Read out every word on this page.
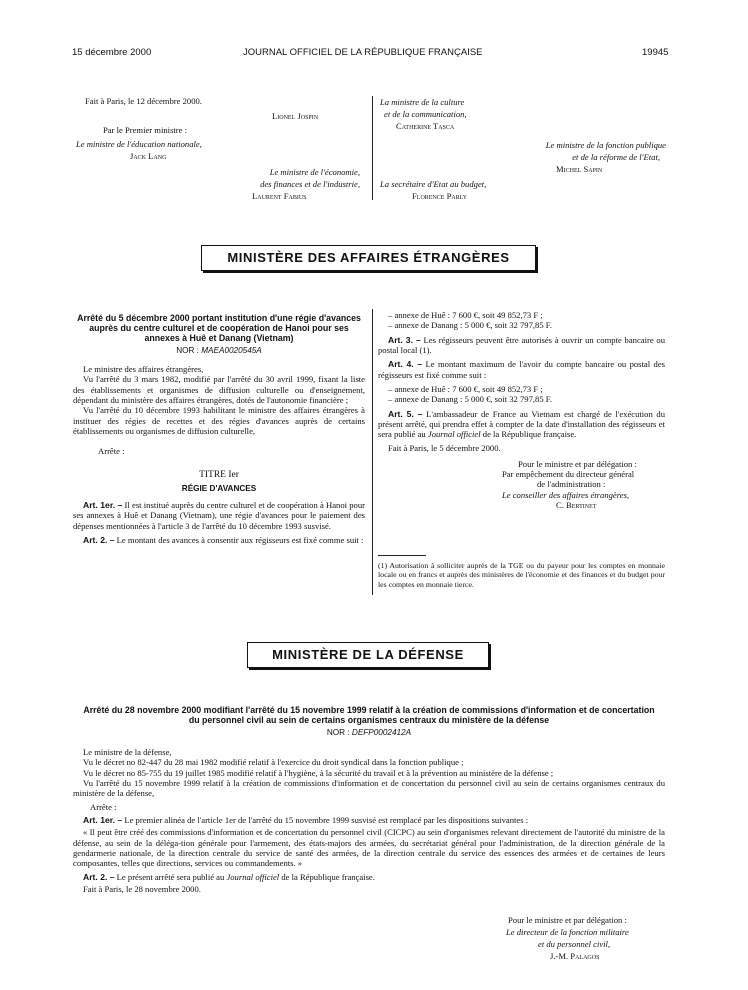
15 décembre 2000	JOURNAL OFFICIEL DE LA RÉPUBLIQUE FRANÇAISE	19945
Fait à Paris, le 12 décembre 2000.
Lionel Jospin
Par le Premier ministre :
Le ministre de l'éducation nationale,
Jack Lang
Le ministre de l'économie,
des finances et de l'industrie,
Laurent Fabius
La ministre de la culture
et de la communication,
Catherine Tasca
Le ministre de la fonction publique
et de la réforme de l'Etat,
Michel Sapin
La secrétaire d'Etat au budget,
Florence Parly
MINISTÈRE DES AFFAIRES ÉTRANGÈRES
Arrêté du 5 décembre 2000 portant institution d'une régie d'avances auprès du centre culturel et de coopération de Hanoi pour ses annexes à Huê et Danang (Vietnam)
NOR : MAEA0020545A

Le ministre des affaires étrangères,

Vu l'arrêté du 3 mars 1982, modifié par l'arrêté du 30 avril 1999, fixant la liste des établissements et organismes de diffusion culturelle ou d'enseignement, dépendant du ministère des affaires étrangères, dotés de l'autonomie financière ;

Vu l'arrêté du 10 décembre 1993 habilitant le ministre des affaires étrangères à instituer des régies de recettes et des régies d'avances auprès de certains établissements ou organismes de diffusion culturelle,

Arrête :
TITRE Ier
RÉGIE D'AVANCES

Art. 1er. – Il est institué auprès du centre culturel et de coopération à Hanoi pour ses annexes à Huê et Danang (Vietnam), une régie d'avances pour le paiement des dépenses mentionnées à l'article 3 de l'arrêté du 10 décembre 1993 susvisé.

Art. 2. – Le montant des avances à consentir aux régisseurs est fixé comme suit :

– annexe de Huê : 7 600 €, soit 49 852,73 F ;
– annexe de Danang : 5 000 €, soit 32 797,85 F.

Art. 3. – Les régisseurs peuvent être autorisés à ouvrir un compte bancaire ou postal local (1).

Art. 4. – Le montant maximum de l'avoir du compte bancaire ou postal des régisseurs est fixé comme suit :

– annexe de Huê : 7 600 €, soit 49 852,73 F ;
– annexe de Danang : 5 000 €, soit 32 797,85 F.

Art. 5. – L'ambassadeur de France au Vietnam est chargé de l'exécution du présent arrêté, qui prendra effet à compter de la date d'installation des régisseurs et sera publié au Journal officiel de la République française.

Fait à Paris, le 5 décembre 2000.
Pour le ministre et par délégation :
Par empêchement du directeur général
de l'administration :
Le conseiller des affaires étrangères,
C. Bertinet
(1) Autorisation à solliciter auprès de la TGE ou du payeur pour les comptes en monnaie locale ou en francs et auprès des ministères de l'économie et des finances et du budget pour les comptes en monnaie tierce.
MINISTÈRE DE LA DÉFENSE
Arrêté du 28 novembre 2000 modifiant l'arrêté du 15 novembre 1999 relatif à la création de commissions d'information et de concertation du personnel civil au sein de certains organismes centraux du ministère de la défense
NOR : DEFP0002412A

Le ministre de la défense,

Vu le décret no 82-447 du 28 mai 1982 modifié relatif à l'exercice du droit syndical dans la fonction publique ;

Vu le décret no 85-755 du 19 juillet 1985 modifié relatif à l'hygiène, à la sécurité du travail et à la prévention au ministère de la défense ;

Vu l'arrêté du 15 novembre 1999 relatif à la création de commissions d'information et de concertation du personnel civil au sein de certains organismes centraux du ministère de la défense,

Arrête :

Art. 1er. – Le premier alinéa de l'article 1er de l'arrêté du 15 novembre 1999 susvisé est remplacé par les dispositions suivantes :

« Il peut être créé des commissions d'information et de concertation du personnel civil (CICPC) au sein d'organismes relevant directement de l'autorité du ministre de la défense, au sein de la déléga-tion générale pour l'armement, des états-majors des armées, du secrétariat général pour l'administration, de la direction générale de la gendarmerie nationale, de la direction centrale du service de santé des armées, de la direction centrale du service des essences des armées et de certaines de leurs composantes, telles que directions, services ou commandements. »

Art. 2. – Le présent arrêté sera publié au Journal officiel de la République française.

Fait à Paris, le 28 novembre 2000.

Pour le ministre et par délégation :
Le directeur de la fonction militaire
et du personnel civil,
J.-M. Palagos
